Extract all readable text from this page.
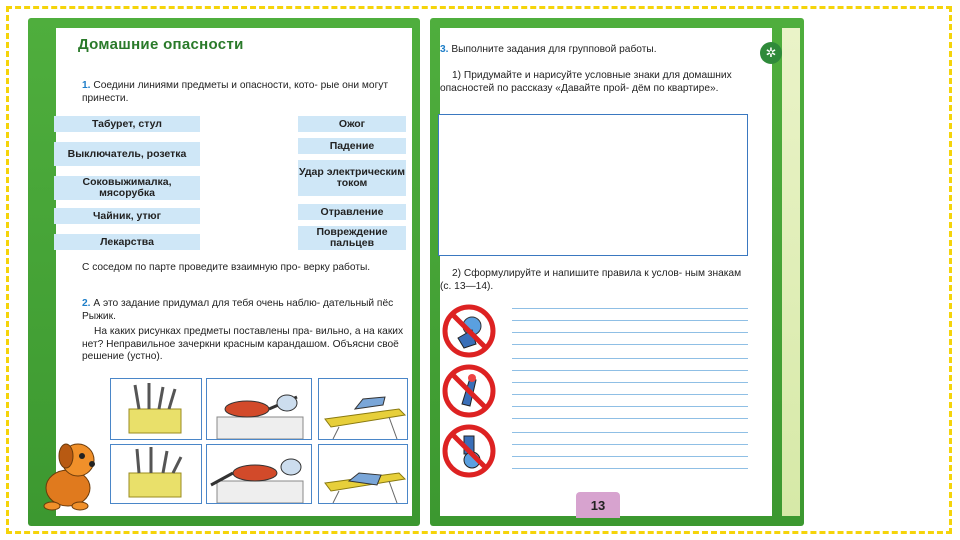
Домашние опасности
1. Соедини линиями предметы и опасности, кото- рые они могут принести.
Табурет, стул
Выключатель, розетка
Соковыжималка, мясорубка
Чайник, утюг
Лекарства
Ожог
Падение
Удар электрическим током
Отравление
Повреждение пальцев
С соседом по парте проведите взаимную про- верку работы.
2. А это задание придумал для тебя очень наблю- дательный пёс Рыжик.
На каких рисунках предметы поставлены пра- вильно, а на каких нет? Неправильное зачеркни красным карандашом. Объясни своё решение (устно).
✲
3. Выполните задания для групповой работы.
1) Придумайте и нарисуйте условные знаки для домашних опасностей по рассказу «Давайте прой- дём по квартире».
2) Сформулируйте и напишите правила к услов- ным знакам (с. 13—14).
13
